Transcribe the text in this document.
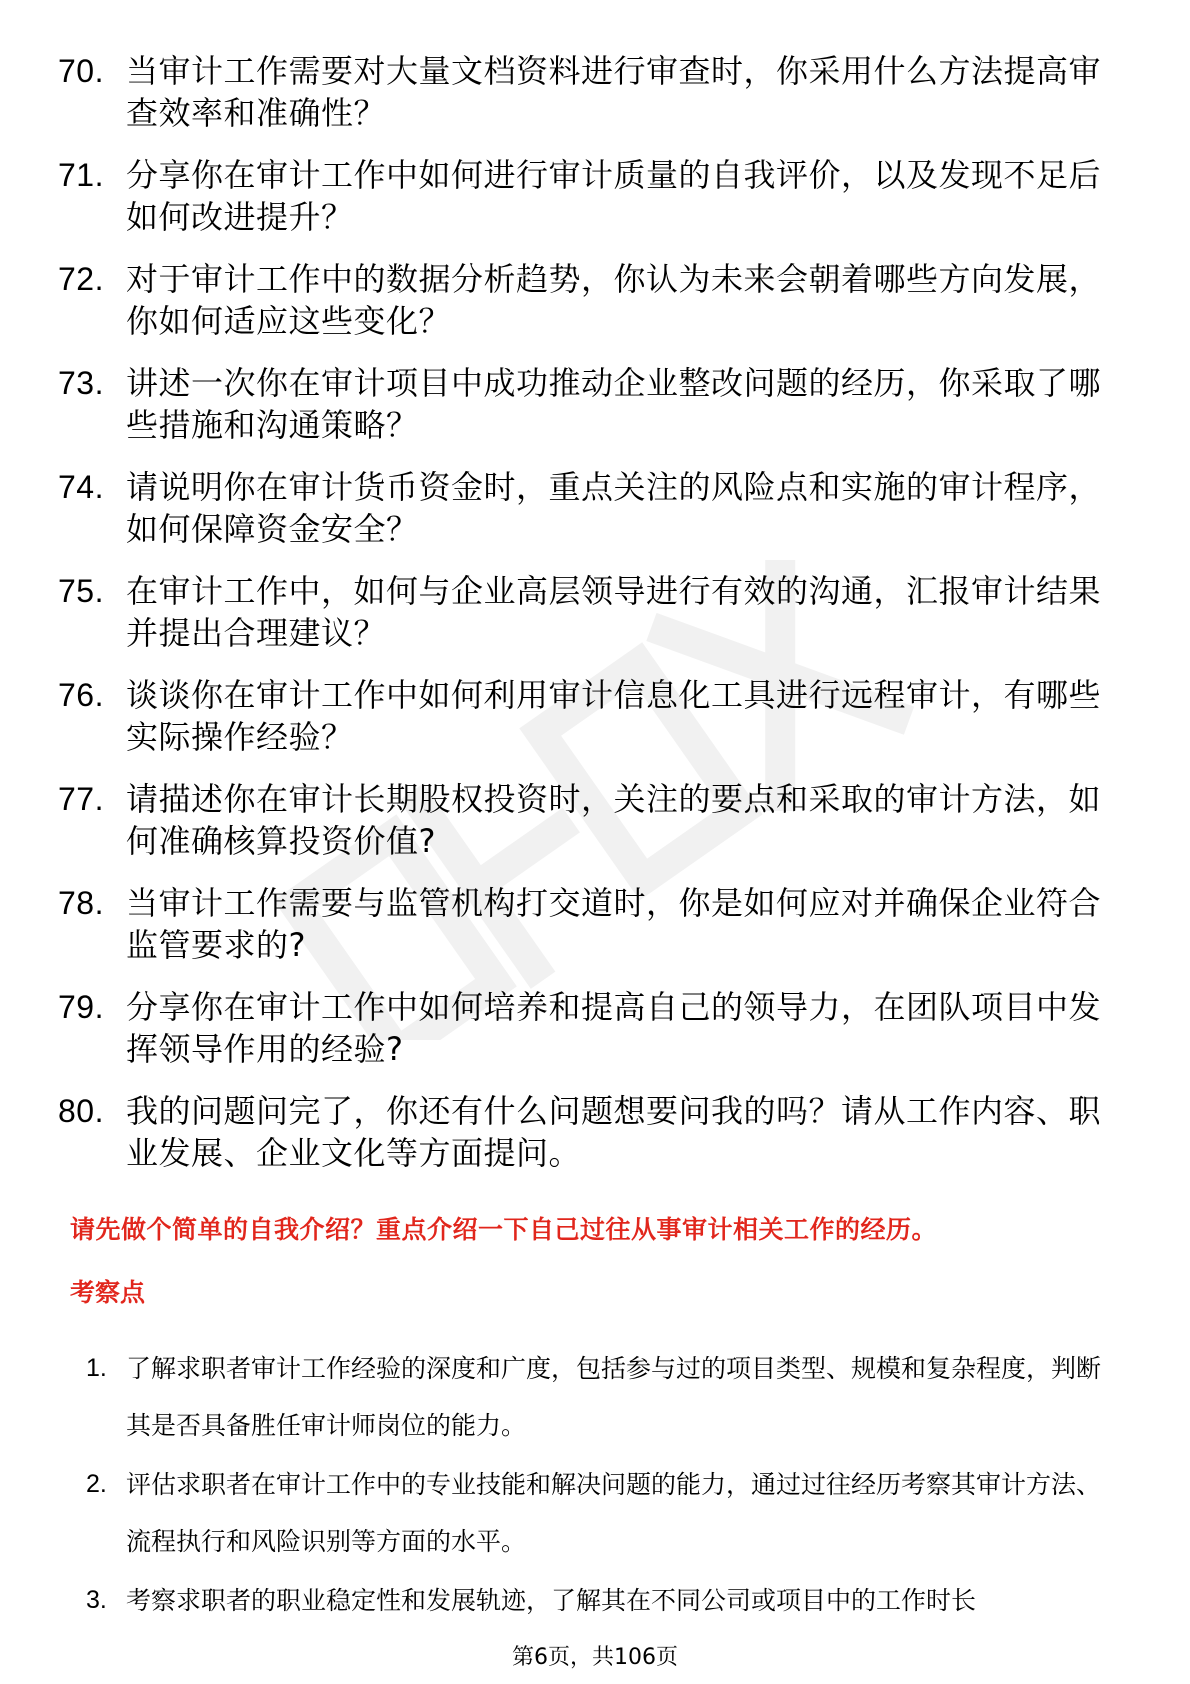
70. 当审计工作需要对大量文档资料进行审查时，你采用什么方法提高审查效率和准确性？
71. 分享你在审计工作中如何进行审计质量的自我评价，以及发现不足后如何改进提升？
72. 对于审计工作中的数据分析趋势，你认为未来会朝着哪些方向发展，你如何适应这些变化？
73. 讲述一次你在审计项目中成功推动企业整改问题的经历，你采取了哪些措施和沟通策略？
74. 请说明你在审计货币资金时，重点关注的风险点和实施的审计程序，如何保障资金安全？
75. 在审计工作中，如何与企业高层领导进行有效的沟通，汇报审计结果并提出合理建议？
76. 谈谈你在审计工作中如何利用审计信息化工具进行远程审计，有哪些实际操作经验？
77. 请描述你在审计长期股权投资时，关注的要点和采取的审计方法，如何准确核算投资价值?
78. 当审计工作需要与监管机构打交道时，你是如何应对并确保企业符合监管要求的?
79. 分享你在审计工作中如何培养和提高自己的领导力，在团队项目中发挥领导作用的经验?
80. 我的问题问完了，你还有什么问题想要问我的吗？请从工作内容、职业发展、企业文化等方面提问。
请先做个简单的自我介绍？重点介绍一下自己过往从事审计相关工作的经历。
考察点
1. 了解求职者审计工作经验的深度和广度，包括参与过的项目类型、规模和复杂程度，判断其是否具备胜任审计师岗位的能力。
2. 评估求职者在审计工作中的专业技能和解决问题的能力，通过过往经历考察其审计方法、流程执行和风险识别等方面的水平。
3. 考察求职者的职业稳定性和发展轨迹，了解其在不同公司或项目中的工作时长
第6页，共106页
